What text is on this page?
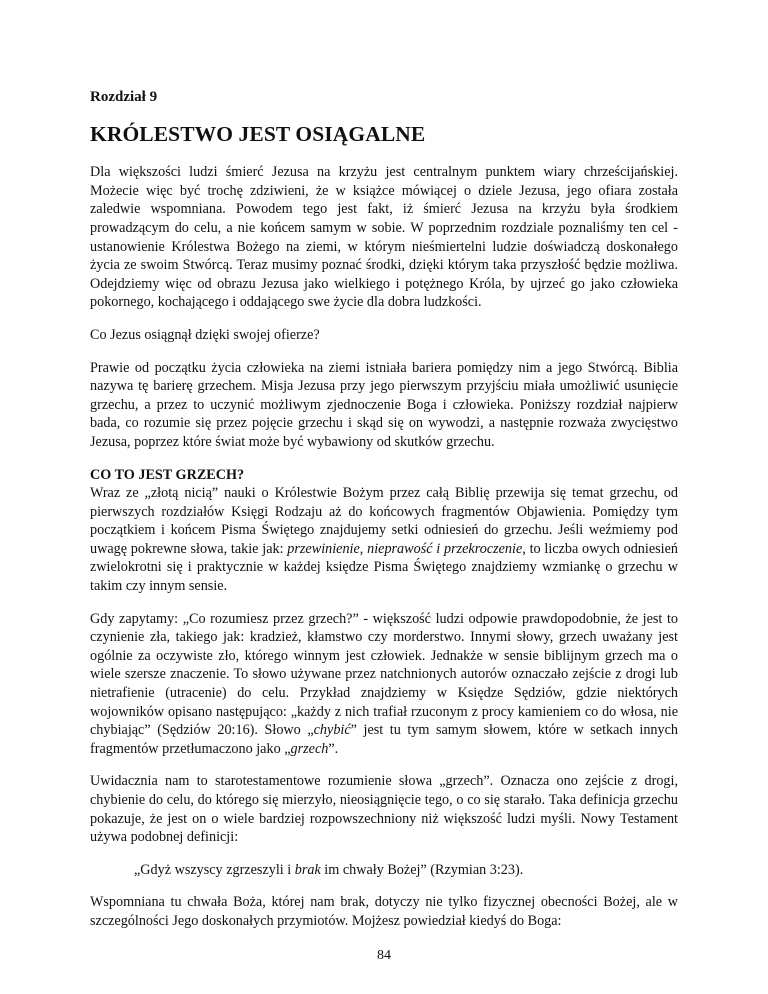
Rozdział 9
KRÓLESTWO JEST OSIĄGALNE

Dla większości ludzi śmierć Jezusa na krzyżu jest centralnym punktem wiary chrześcijańskiej. Możecie więc być trochę zdziwieni, że w książce mówiącej o dziele Jezusa, jego ofiara została zaledwie wspomniana. Powodem tego jest fakt, iż śmierć Jezusa na krzyżu była środkiem prowadzącym do celu, a nie końcem samym w sobie. W poprzednim rozdziale poznaliśmy ten cel - ustanowienie Królestwa Bożego na ziemi, w którym nieśmiertelni ludzie doświadczą doskonałego życia ze swoim Stwórcą. Teraz musimy poznać środki, dzięki którym taka przyszłość będzie możliwa. Odejdziemy więc od obrazu Jezusa jako wielkiego i potężnego Króla, by ujrzeć go jako człowieka pokornego, kochającego i oddającego swe życie dla dobra ludzkości.

Co Jezus osiągnął dzięki swojej ofierze?

Prawie od początku życia człowieka na ziemi istniała bariera pomiędzy nim a jego Stwórcą. Biblia nazywa tę barierę grzechem. Misja Jezusa przy jego pierwszym przyjściu miała umożliwić usunięcie grzechu, a przez to uczynić możliwym zjednoczenie Boga i człowieka. Poniższy rozdział najpierw bada, co rozumie się przez pojęcie grzechu i skąd się on wywodzi, a następnie rozważa zwycięstwo Jezusa, poprzez które świat może być wybawiony od skutków grzechu.

CO TO JEST GRZECH?

Wraz ze „złotą nicią” nauki o Królestwie Bożym przez całą Biblię przewija się temat grzechu, od pierwszych rozdziałów Księgi Rodzaju aż do końcowych fragmentów Objawienia. Pomiędzy tym początkiem i końcem Pisma Świętego znajdujemy setki odniesień do grzechu. Jeśli weźmiemy pod uwagę pokrewne słowa, takie jak: przewinienie, nieprawość i przekroczenie, to liczba owych odniesień zwielokrotni się i praktycznie w każdej księdze Pisma Świętego znajdziemy wzmiankę o grzechu w takim czy innym sensie.

Gdy zapytamy: „Co rozumiesz przez grzech?” - większość ludzi odpowie prawdopodobnie, że jest to czynienie zła, takiego jak: kradzież, kłamstwo czy morderstwo. Innymi słowy, grzech uważany jest ogólnie za oczywiste zło, którego winnym jest człowiek. Jednakże w sensie biblijnym grzech ma o wiele szersze znaczenie. To słowo używane przez natchnionych autorów oznaczało zejście z drogi lub nietrafienie (utracenie) do celu. Przykład znajdziemy w Księdze Sędziów, gdzie niektórych wojowników opisano następująco: „każdy z nich trafiał rzuconym z procy kamieniem co do włosa, nie chybiając” (Sędziów 20:16). Słowo „chybić” jest tu tym samym słowem, które w setkach innych fragmentów przetłumaczono jako „grzech”.

Uwidacznia nam to starotestamentowe rozumienie słowa „grzech”. Oznacza ono zejście z drogi, chybienie do celu, do którego się mierzyło, nieosiągnięcie tego, o co się starało. Taka definicja grzechu pokazuje, że jest on o wiele bardziej rozpowszechniony niż większość ludzi myśli. Nowy Testament używa podobnej definicji:

„Gdyż wszyscy zgrzeszyli i brak im chwały Bożej” (Rzymian 3:23).

Wspomniana tu chwała Boża, której nam brak, dotyczy nie tylko fizycznej obecności Bożej, ale w szczególności Jego doskonałych przymiotów. Mojżesz powiedział kiedyś do Boga:

84
